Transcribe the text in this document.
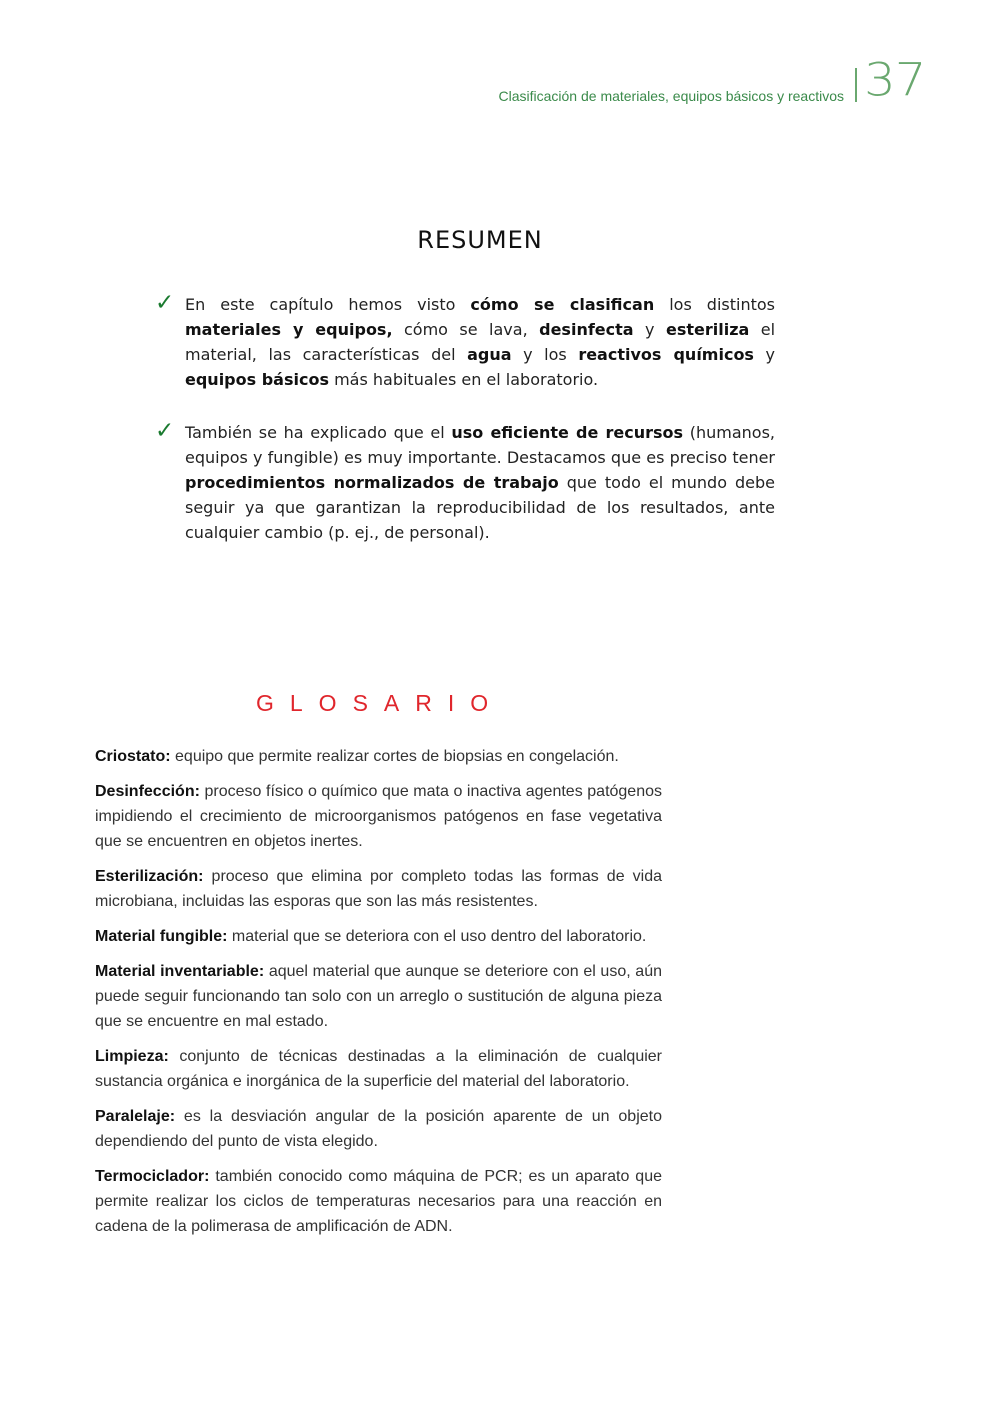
Clasificación de materiales, equipos básicos y reactivos 37
RESUMEN
✓ En este capítulo hemos visto cómo se clasifican los distintos materiales y equipos, cómo se lava, desinfecta y esteriliza el material, las características del agua y los reactivos químicos y equipos básicos más habituales en el laboratorio.
✓ También se ha explicado que el uso eficiente de recursos (humanos, equipos y fungible) es muy importante. Destacamos que es preciso tener procedimientos normalizados de trabajo que todo el mundo debe seguir ya que garantizan la reproducibilidad de los resultados, ante cualquier cambio (p. ej., de personal).
GLOSARIO

Criostato: equipo que permite realizar cortes de biopsias en congelación.

Desinfección: proceso físico o químico que mata o inactiva agentes patógenos impidiendo el crecimiento de microorganismos patógenos en fase vegetativa que se encuentren en objetos inertes.

Esterilización: proceso que elimina por completo todas las formas de vida microbiana, incluidas las esporas que son las más resistentes.

Material fungible: material que se deteriora con el uso dentro del laboratorio.

Material inventariable: aquel material que aunque se deteriore con el uso, aún puede seguir funcionando tan solo con un arreglo o sustitución de alguna pieza que se encuentre en mal estado.

Limpieza: conjunto de técnicas destinadas a la eliminación de cualquier sustancia orgánica e inorgánica de la superficie del material del laboratorio.

Paralelaje: es la desviación angular de la posición aparente de un objeto dependiendo del punto de vista elegido.

Termociclador: también conocido como máquina de PCR; es un aparato que permite realizar los ciclos de temperaturas necesarios para una reacción en cadena de la polimerasa de amplificación de ADN.
